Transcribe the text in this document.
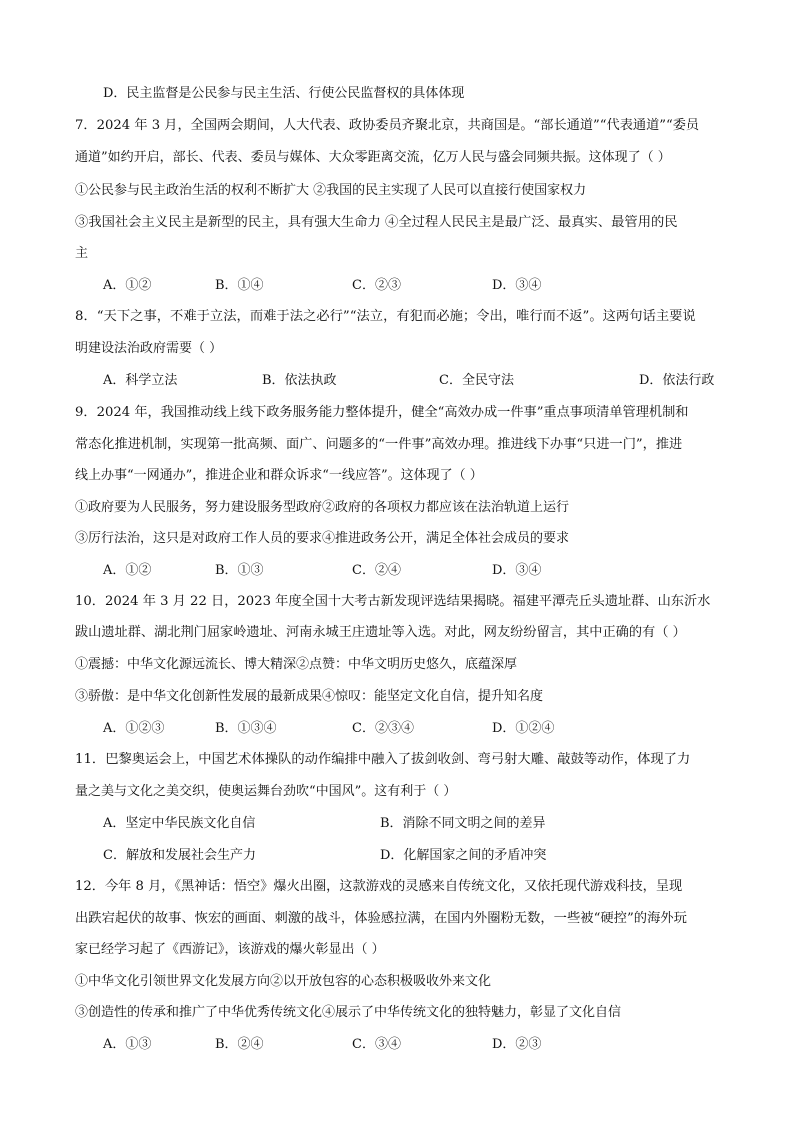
D．民主监督是公民参与民主生活、行使公民监督权的具体体现
7．2024 年 3 月，全国两会期间，人大代表、政协委员齐聚北京，共商国是。“部长通道”“代表通道”“委员
通道”如约开启，部长、代表、委员与媒体、大众零距离交流，亿万人民与盛会同频共振。这体现了（ ）
①公民参与民主政治生活的权利不断扩大 ②我国的民主实现了人民可以直接行使国家权力
③我国社会主义民主是新型的民主，具有强大生命力 ④全过程人民民主是最广泛、最真实、最管用的民
主
A．①②	B．①④	C．②③	D．③④
8．“天下之事，不难于立法，而难于法之必行”“法立，有犯而必施；令出，唯行而不返”。这两句话主要说
明建设法治政府需要（ ）
A．科学立法	B．依法执政	C．全民守法	D．依法行政
9．2024 年，我国推动线上线下政务服务能力整体提升，健全“高效办成一件事”重点事项清单管理机制和
常态化推进机制，实现第一批高频、面广、问题多的“一件事”高效办理。推进线下办事“只进一门”，推进
线上办事“一网通办”，推进企业和群众诉求“一线应答”。这体现了（ ）
①政府要为人民服务，努力建设服务型政府②政府的各项权力都应该在法治轨道上运行
③厉行法治，这只是对政府工作人员的要求④推进政务公开，满足全体社会成员的要求
A．①②	B．①③	C．②④	D．③④
10．2024 年 3 月 22 日，2023 年度全国十大考古新发现评选结果揭晓。福建平潭壳丘头遗址群、山东沂水
跋山遗址群、湖北荆门屈家岭遗址、河南永城王庄遗址等入选。对此，网友纷纷留言，其中正确的有（ ）
①震撼：中华文化源远流长、博大精深②点赞：中华文明历史悠久，底蕴深厚
③骄傲：是中华文化创新性发展的最新成果④惊叹：能坚定文化自信，提升知名度
A．①②③	B．①③④	C．②③④	D．①②④
11．巴黎奥运会上，中国艺术体操队的动作编排中融入了拔剑收剑、弯弓射大雕、敲鼓等动作，体现了力
量之美与文化之美交织，使奥运舞台劲吹“中国风”。这有利于（ ）
A．坚定中华民族文化自信	B．消除不同文明之间的差异
C．解放和发展社会生产力	D．化解国家之间的矛盾冲突
12．今年 8 月，《黑神话：悟空》爆火出圈，这款游戏的灵感来自传统文化，又依托现代游戏科技，呈现
出跌宕起伏的故事、恢宏的画面、刺激的战斗，体验感拉满，在国内外圈粉无数，一些被“硬控”的海外玩
家已经学习起了《西游记》，该游戏的爆火彰显出（ ）
①中华文化引领世界文化发展方向②以开放包容的心态积极吸收外来文化
③创造性的传承和推广了中华优秀传统文化④展示了中华传统文化的独特魅力，彰显了文化自信
A．①③	B．②④	C．③④	D．②③
